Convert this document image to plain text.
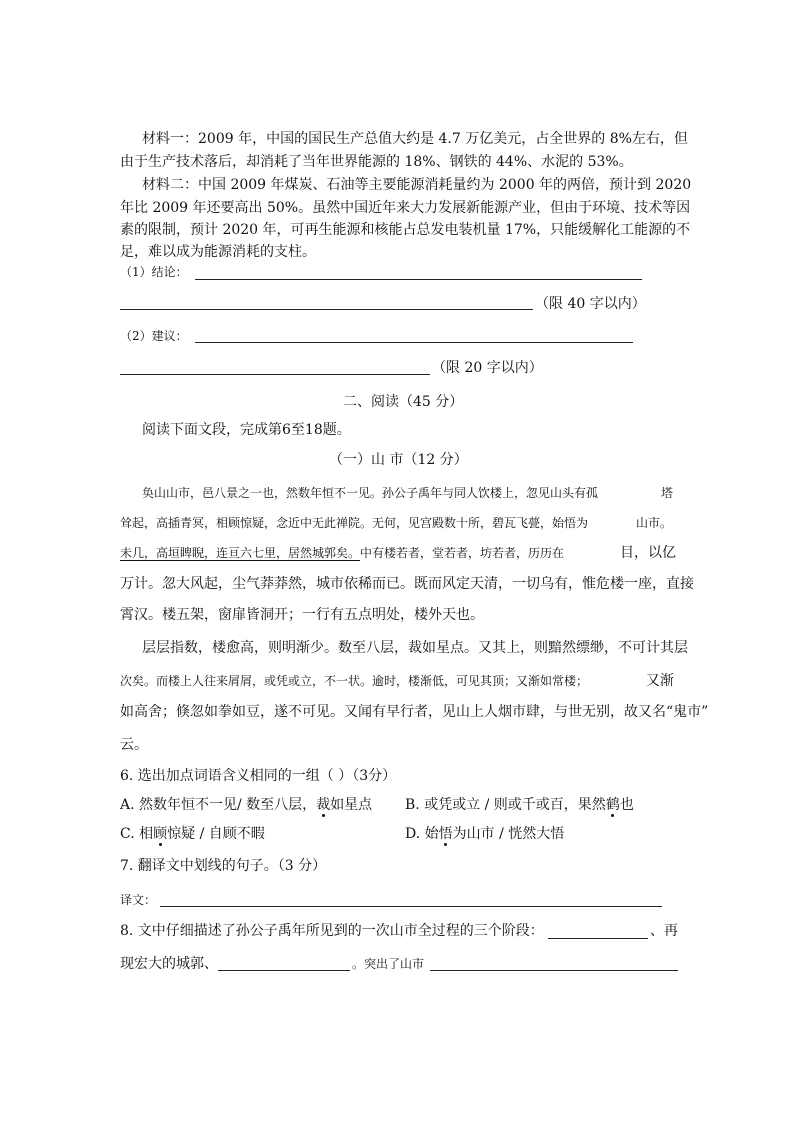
材料一：2009 年，中国的国民生产总值大约是 4.7 万亿美元，占全世界的 8%左右，但
由于生产技术落后，却消耗了当年世界能源的 18%、钢铁的 44%、水泥的 53%。
材料二：中国 2009 年煤炭、石油等主要能源消耗量约为 2000 年的两倍，预计到 2020
年比 2009 年还要高出 50%。虽然中国近年来大力发展新能源产业，但由于环境、技术等因
素的限制，预计 2020 年，可再生能源和核能占总发电装机量 17%，只能缓解化工能源的不
足，难以成为能源消耗的支柱。
（1）结论：
（限 40 字以内）
（2）建议：
（限 20 字以内）
二、阅读（45 分）
阅读下面文段，完成第6至18题。
（一）山 市（12 分）
奂山山市，邑八景之一也，然数年恒不一见。孙公子禹年与同人饮楼上，忽见山头有孤	塔
耸起，高插青冥，相顾惊疑，念近中无此禅院。无何，见宫殿数十所，碧瓦飞甍，始悟为	山市。
未几，高垣睥睨，连亘六七里，居然城郭矣。中有楼若者，堂若者，坊若者，历历在	目，以亿
万计。忽大风起，尘气莽莽然，城市依稀而已。既而风定天清，一切乌有，惟危楼一座，直接
霄汉。楼五架，窗扉皆洞开；一行有五点明处，楼外天也。
层层指数，楼愈高，则明渐少。数至八层，裁如星点。又其上，则黯然缥缈，不可计其层
次矣。而楼上人往来屑屑，或凭或立，不一状。逾时，楼渐低，可见其顶；又渐如常楼；	又渐
如高舍；倏忽如拳如豆，遂不可见。又闻有早行者，见山上人烟市肆，与世无别，故又名“鬼市”
云。
6. 选出加点词语含义相同的一组（ ）（3分）
A. 然数年恒不一见/ 数至八层，裁如星点 B. 或凭或立 / 则或千或百，果然鹤也
C. 相顾惊疑 / 自顾不暇	D. 始悟为山市 / 恍然大悟
7. 翻译文中划线的句子。（3 分）
译文：
8. 文中仔细描述了孙公子禹年所见到的一次山市全过程的三个阶段：	、再
现宏大的城郭、	。突出了山市
